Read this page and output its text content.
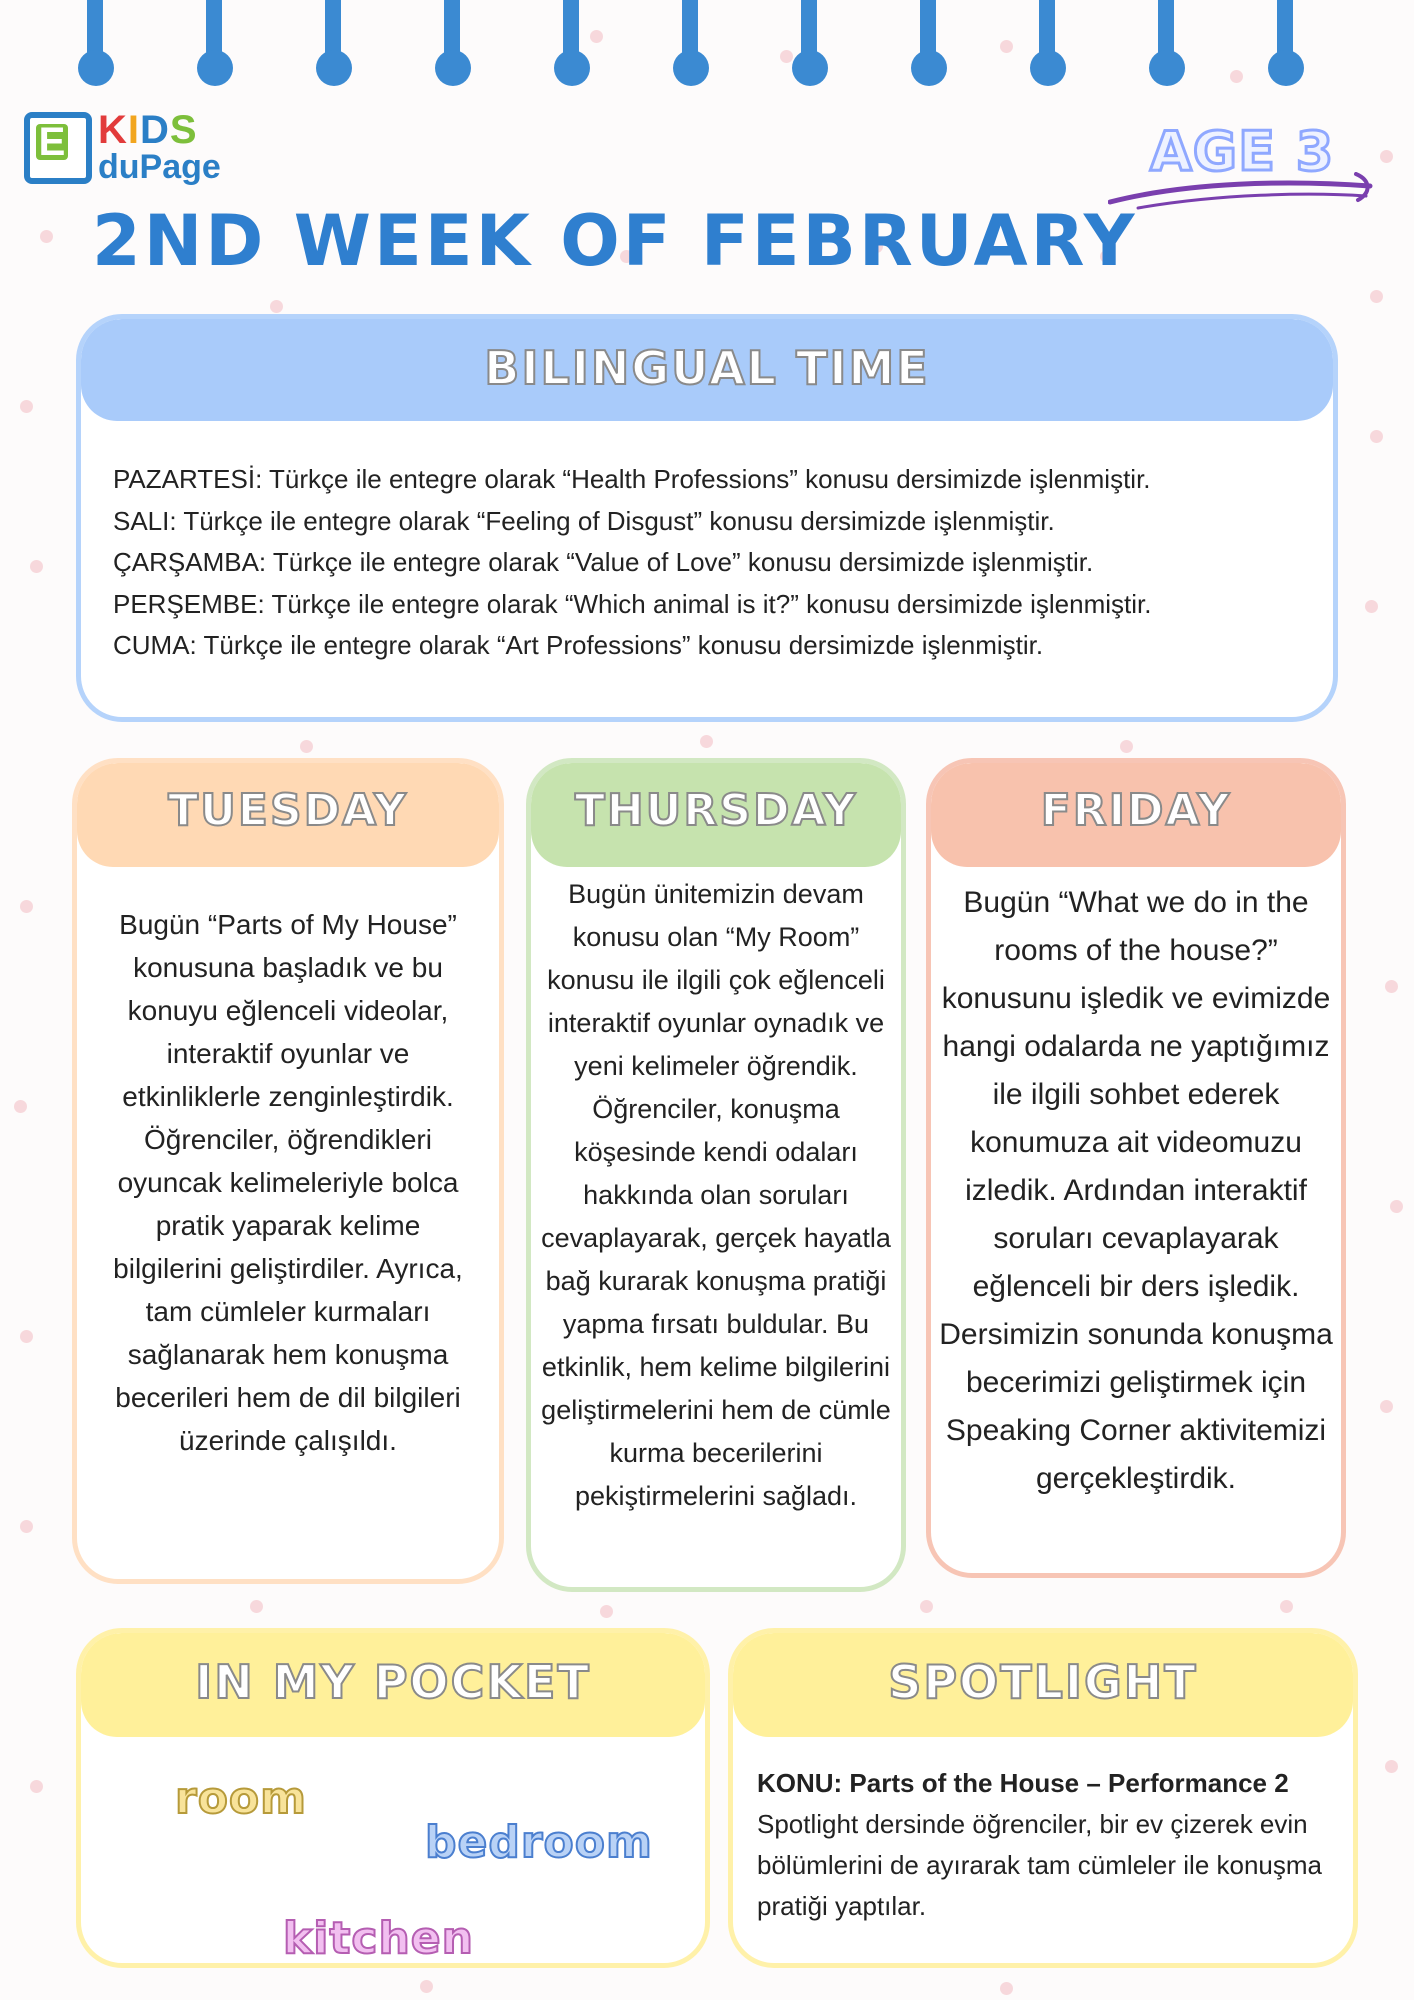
E KIDS
duPage	AGE 3
2ND WEEK OF FEBRUARY
BILINGUAL TIME
PAZARTESİ: Türkçe ile entegre olarak “Health Professions” konusu dersimizde işlenmiştir.
SALI: Türkçe ile entegre olarak “Feeling of Disgust” konusu dersimizde işlenmiştir.
ÇARŞAMBA: Türkçe ile entegre olarak “Value of Love” konusu dersimizde işlenmiştir.
PERŞEMBE: Türkçe ile entegre olarak “Which animal is it?” konusu dersimizde işlenmiştir.
CUMA: Türkçe ile entegre olarak “Art Professions” konusu dersimizde işlenmiştir.
TUESDAY

Bugün “Parts of My House” konusuna başladık ve bu konuyu eğlenceli videolar, interaktif oyunlar ve etkinliklerle zenginleştirdik. Öğrenciler, öğrendikleri oyuncak kelimeleriyle bolca pratik yaparak kelime bilgilerini geliştirdiler. Ayrıca, tam cümleler kurmaları sağlanarak hem konuşma becerileri hem de dil bilgileri üzerinde çalışıldı.

THURSDAY

Bugün ünitemizin devam konusu olan “My Room” konusu ile ilgili çok eğlenceli interaktif oyunlar oynadık ve yeni kelimeler öğrendik. Öğrenciler, konuşma köşesinde kendi odaları hakkında olan soruları cevaplayarak, gerçek hayatla bağ kurarak konuşma pratiği yapma fırsatı buldular. Bu etkinlik, hem kelime bilgilerini geliştirmelerini hem de cümle kurma becerilerini pekiştirmelerini sağladı.

FRIDAY

Bugün “What we do in the rooms of the house?” konusunu işledik ve evimizde hangi odalarda ne yaptığımız ile ilgili sohbet ederek konumuza ait videomuzu izledik. Ardından interaktif soruları cevaplayarak eğlenceli bir ders işledik. Dersimizin sonunda konuşma becerimizi geliştirmek için Speaking Corner aktivitemizi gerçekleştirdik.

IN MY POCKET
room
bedroom
kitchen
SPOTLIGHT
KONU: Parts of the House – Performance 2
Spotlight dersinde öğrenciler, bir ev çizerek evin bölümlerini de ayırarak tam cümleler ile konuşma pratiği yaptılar.
